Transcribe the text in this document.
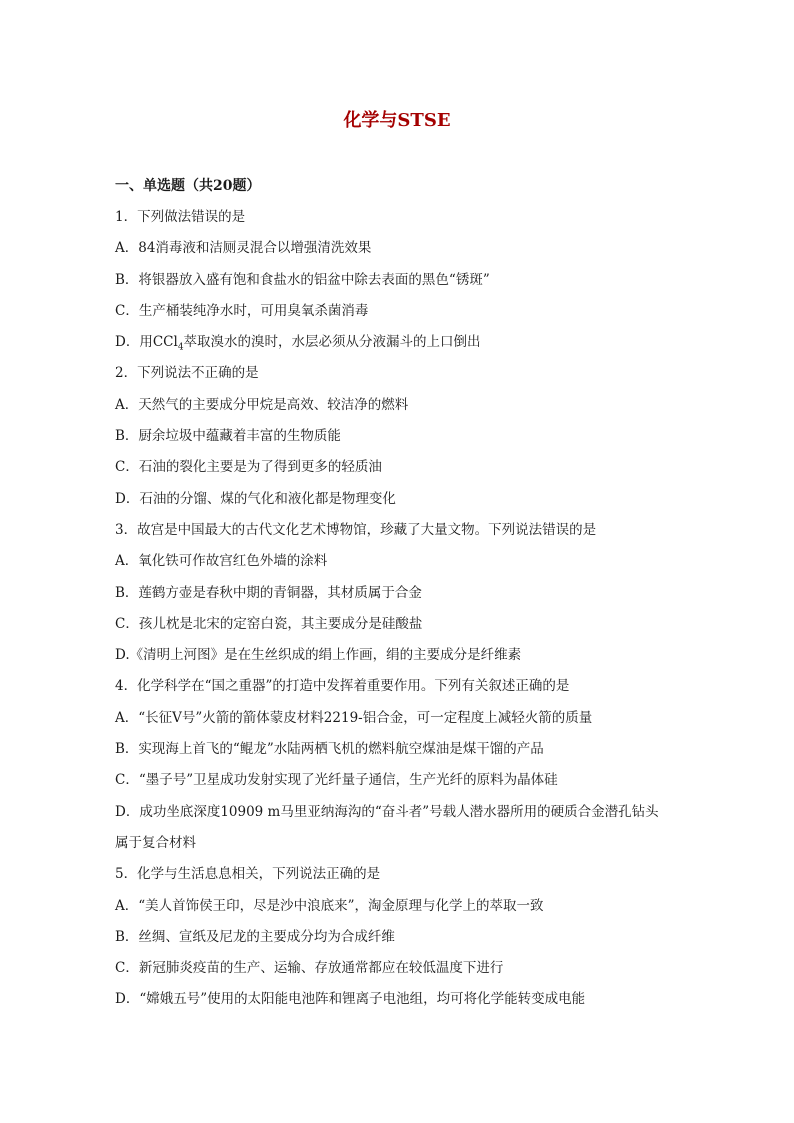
化学与STSE
一、单选题（共20题）
1．下列做法错误的是
A．84消毒液和洁厕灵混合以增强清洗效果
B．将银器放入盛有饱和食盐水的铝盆中除去表面的黑色“锈斑”
C．生产桶装纯净水时，可用臭氧杀菌消毒
D．用CCl$_4$萃取溴水的溴时，水层必须从分液漏斗的上口倒出
2．下列说法不正确的是
A．天然气的主要成分甲烷是高效、较洁净的燃料
B．厨余垃圾中蕴藏着丰富的生物质能
C．石油的裂化主要是为了得到更多的轻质油
D．石油的分馏、煤的气化和液化都是物理变化
3．故宫是中国最大的古代文化艺术博物馆，珍藏了大量文物。下列说法错误的是
A．氧化铁可作故宫红色外墙的涂料
B．莲鹤方壶是春秋中期的青铜器，其材质属于合金
C．孩儿枕是北宋的定窑白瓷，其主要成分是硅酸盐
D.《清明上河图》是在生丝织成的绢上作画，绢的主要成分是纤维素
4．化学科学在“国之重器”的打造中发挥着重要作用。下列有关叙述正确的是
A．“长征Ⅴ号”火箭的箭体蒙皮材料2219-铝合金，可一定程度上减轻火箭的质量
B．实现海上首飞的“鲲龙”水陆两栖飞机的燃料航空煤油是煤干馏的产品
C．“墨子号”卫星成功发射实现了光纤量子通信，生产光纤的原料为晶体硅
D．成功坐底深度10909 m马里亚纳海沟的“奋斗者”号载人潜水器所用的硬质合金潜孔钻头
属于复合材料
5．化学与生活息息相关，下列说法正确的是
A．“美人首饰侯王印，尽是沙中浪底来”，淘金原理与化学上的萃取一致
B．丝绸、宣纸及尼龙的主要成分均为合成纤维
C．新冠肺炎疫苗的生产、运输、存放通常都应在较低温度下进行
D．“嫦娥五号”使用的太阳能电池阵和锂离子电池组，均可将化学能转变成电能
